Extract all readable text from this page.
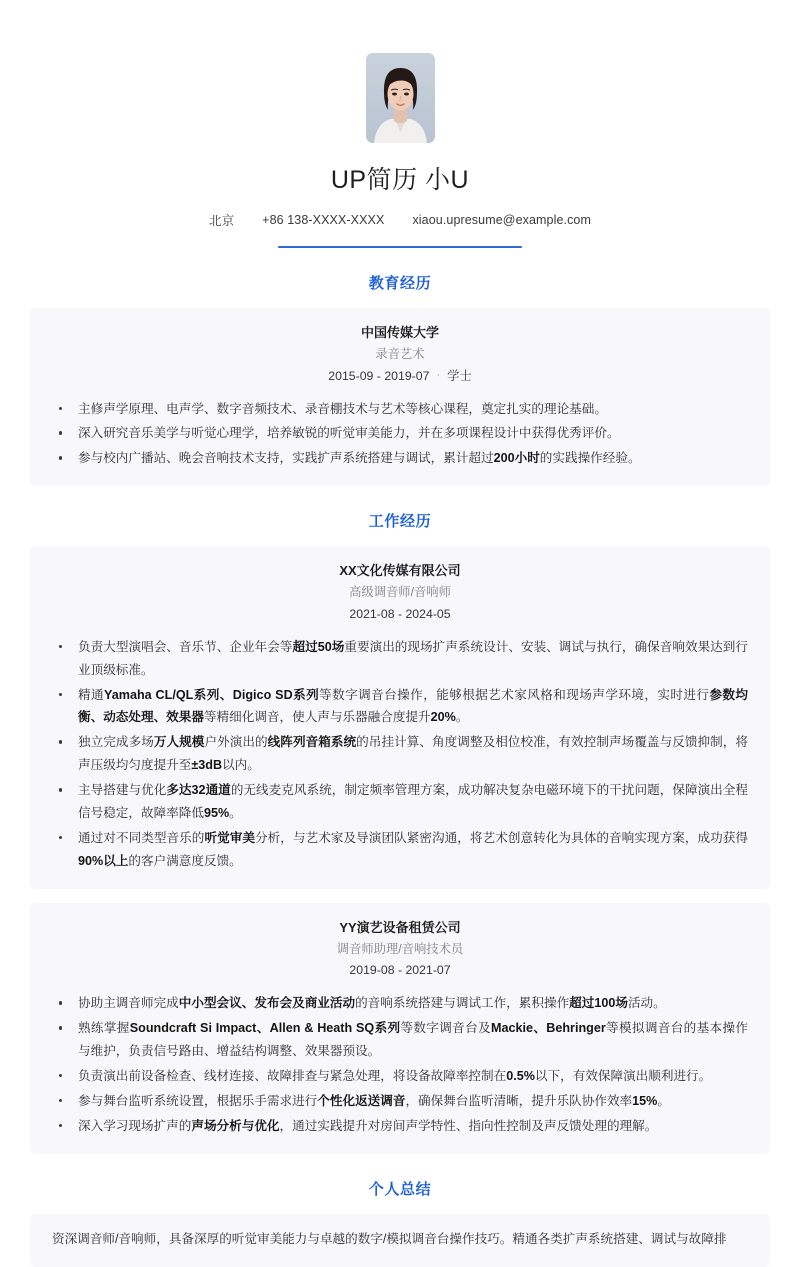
UP简历 小U
北京 +86 138-XXXX-XXXX xiaou.upresume@example.com
教育经历
中国传媒大学
录音艺术
2015-09 - 2019-07 · 学士
主修声学原理、电声学、数字音频技术、录音棚技术与艺术等核心课程，奠定扎实的理论基础。
深入研究音乐美学与听觉心理学，培养敏锐的听觉审美能力，并在多项课程设计中获得优秀评价。
参与校内广播站、晚会音响技术支持，实践扩声系统搭建与调试，累计超过200小时的实践操作经验。
工作经历
XX文化传媒有限公司
高级调音师/音响师
2021-08 - 2024-05
负责大型演唱会、音乐节、企业年会等超过50场重要演出的现场扩声系统设计、安装、调试与执行，确保音响效果达到行业顶级标准。
精通Yamaha CL/QL系列、Digico SD系列等数字调音台操作，能够根据艺术家风格和现场声学环境，实时进行参数均衡、动态处理、效果器等精细化调音，使人声与乐器融合度提升20%。
独立完成多场万人规模户外演出的线阵列音箱系统的吊挂计算、角度调整及相位校准，有效控制声场覆盖与反馈抑制，将声压级均匀度提升至±3dB以内。
主导搭建与优化多达32通道的无线麦克风系统，制定频率管理方案，成功解决复杂电磁环境下的干扰问题，保障演出全程信号稳定，故障率降低95%。
通过对不同类型音乐的听觉审美分析，与艺术家及导演团队紧密沟通，将艺术创意转化为具体的音响实现方案，成功获得90%以上的客户满意度反馈。
YY演艺设备租赁公司
调音师助理/音响技术员
2019-08 - 2021-07
协助主调音师完成中小型会议、发布会及商业活动的音响系统搭建与调试工作，累积操作超过100场活动。
熟练掌握Soundcraft Si Impact、Allen & Heath SQ系列等数字调音台及Mackie、Behringer等模拟调音台的基本操作与维护，负责信号路由、增益结构调整、效果器预设。
负责演出前设备检查、线材连接、故障排查与紧急处理，将设备故障率控制在0.5%以下，有效保障演出顺利进行。
参与舞台监听系统设置，根据乐手需求进行个性化返送调音，确保舞台监听清晰，提升乐队协作效率15%。
深入学习现场扩声的声场分析与优化，通过实践提升对房间声学特性、指向性控制及声反馈处理的理解。
个人总结

资深调音师/音响师，具备深厚的听觉审美能力与卓越的数字/模拟调音台操作技巧。精通各类扩声系统搭建、调试与故障排
